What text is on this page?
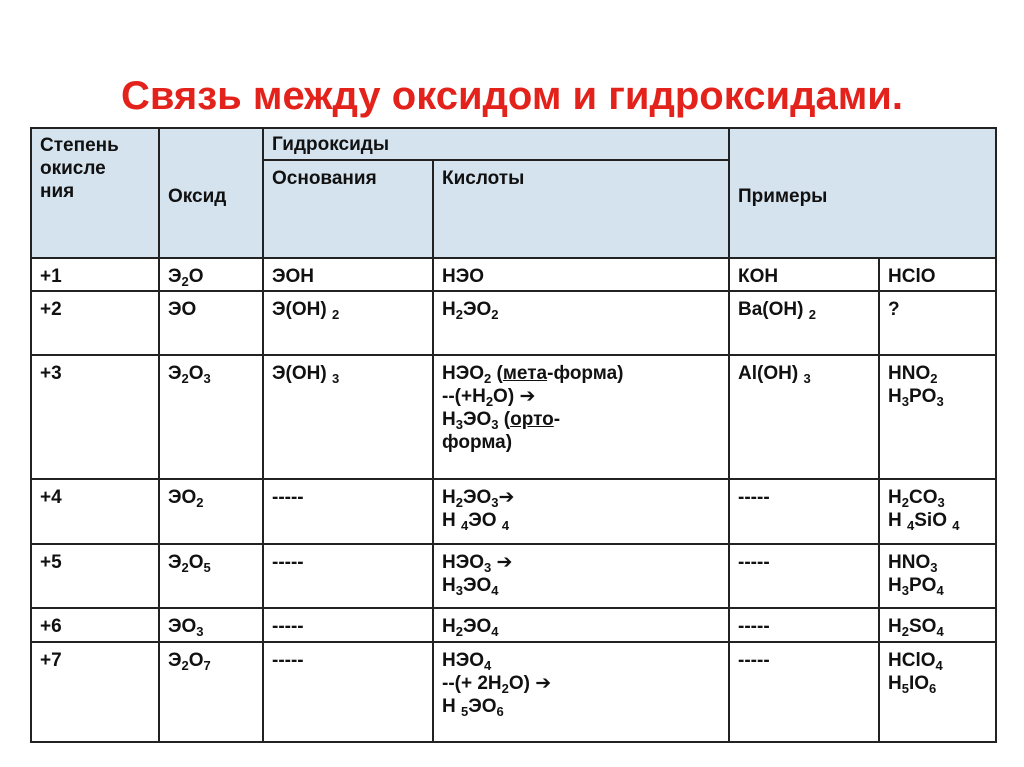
Связь между оксидом и гидроксидами.
Степень
окисле
ния	Оксид	Гидроксиды		Примеры	
		Основания	Кислоты		
+1	$Э_2О$	ЭОН	НЭО	КОН	HClO

+2	ЭО	Э(ОН) $_2$	$Н_2ЭО_2$	Ba(OH) $_2$	?

+3	$Э_2О_3$	Э(ОН) $_3$	$НЭО_2$ (мета-форма)
$--(+Н_2О)$ ➔
$Н_3ЭО_3$ (орто-
форма)	Al(OH) $_3$	$HNO_2$
$H_3PO_3$

+4	$ЭО_2$	-----	$Н_2ЭО_3➔$
Н $_4$ЭО $_4$	-----	$H_2CO_3$
H $_4$SiO $_4$

+5	$Э_2О_5$	-----	$НЭО_3$ ➔
$Н_3ЭО_4$	-----	$HNO_3$
$H_3PO_4$

+6	$ЭО_3$	-----	$Н_2ЭО_4$	-----	$H_2SO_4$

+7	$Э_2О_7$	-----	$НЭО_4$
--(+ $2Н_2О$) ➔
Н $_5ЭО_6$	-----	HClO$_4$
$H_5IO_6$
